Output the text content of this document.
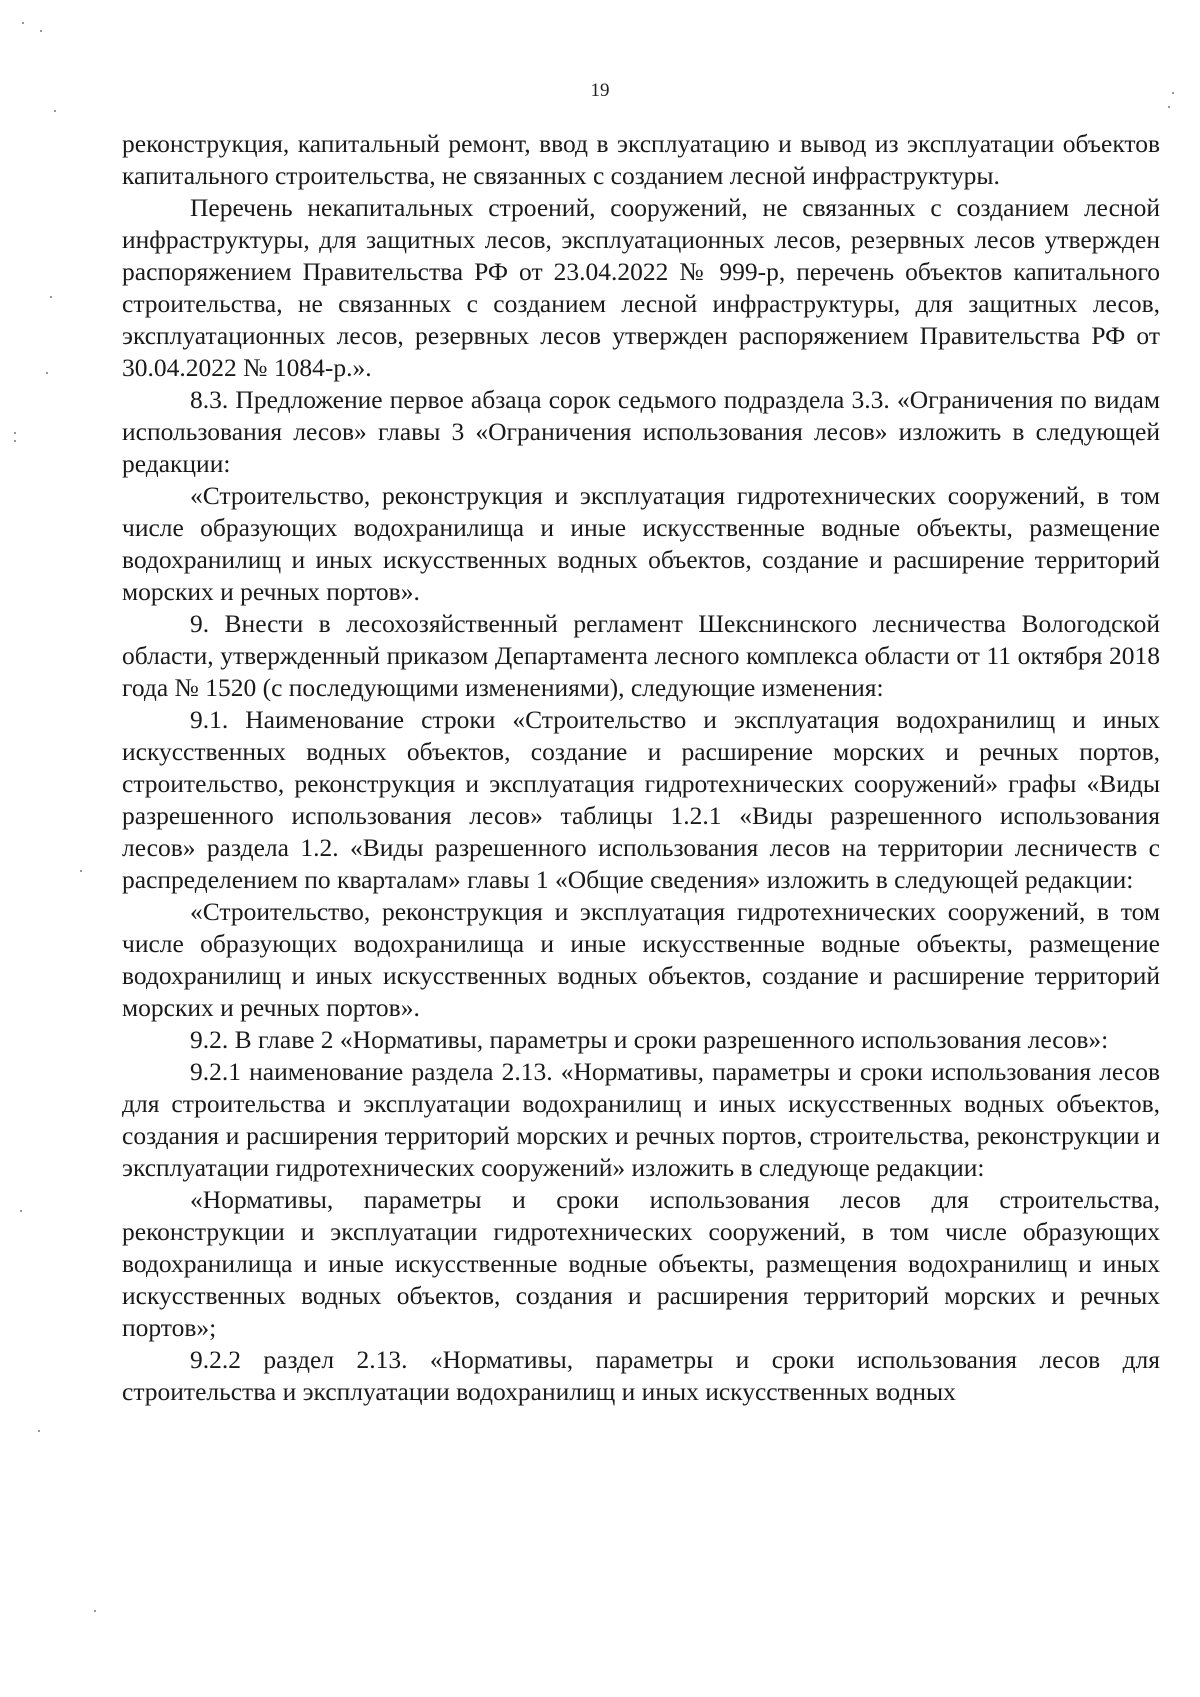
19

реконструкция, капитальный ремонт, ввод в эксплуатацию и вывод из эксплуатации объектов капитального строительства, не связанных с созданием лесной инфраструктуры.

Перечень некапитальных строений, сооружений, не связанных с созданием лесной инфраструктуры, для защитных лесов, эксплуатационных лесов, резервных лесов утвержден распоряжением Правительства РФ от 23.04.2022 № 999-р, перечень объектов капитального строительства, не связанных с созданием лесной инфраструктуры, для защитных лесов, эксплуатационных лесов, резервных лесов утвержден распоряжением Правительства РФ от 30.04.2022 № 1084-р.».

8.3. Предложение первое абзаца сорок седьмого подраздела 3.3. «Ограничения по видам использования лесов» главы 3 «Ограничения использования лесов» изложить в следующей редакции:

«Строительство, реконструкция и эксплуатация гидротехнических сооружений, в том числе образующих водохранилища и иные искусственные водные объекты, размещение водохранилищ и иных искусственных водных объектов, создание и расширение территорий морских и речных портов».

9. Внести в лесохозяйственный регламент Шекснинского лесничества Вологодской области, утвержденный приказом Департамента лесного комплекса области от 11 октября 2018 года № 1520 (с последующими изменениями), следующие изменения:

9.1. Наименование строки «Строительство и эксплуатация водохранилищ и иных искусственных водных объектов, создание и расширение морских и речных портов, строительство, реконструкция и эксплуатация гидротехнических сооружений» графы «Виды разрешенного использования лесов» таблицы 1.2.1 «Виды разрешенного использования лесов» раздела 1.2. «Виды разрешенного использования лесов на территории лесничеств с распределением по кварталам» главы 1 «Общие сведения» изложить в следующей редакции:

«Строительство, реконструкция и эксплуатация гидротехнических сооружений, в том числе образующих водохранилища и иные искусственные водные объекты, размещение водохранилищ и иных искусственных водных объектов, создание и расширение территорий морских и речных портов».

9.2. В главе 2 «Нормативы, параметры и сроки разрешенного использования лесов»:

9.2.1 наименование раздела 2.13. «Нормативы, параметры и сроки использования лесов для строительства и эксплуатации водохранилищ и иных искусственных водных объектов, создания и расширения территорий морских и речных портов, строительства, реконструкции и эксплуатации гидротехнических сооружений» изложить в следующе редакции:

«Нормативы, параметры и сроки использования лесов для строительства, реконструкции и эксплуатации гидротехнических сооружений, в том числе образующих водохранилища и иные искусственные водные объекты, размещения водохранилищ и иных искусственных водных объектов, создания и расширения территорий морских и речных портов»;

9.2.2 раздел 2.13. «Нормативы, параметры и сроки использования лесов для строительства и эксплуатации водохранилищ и иных искусственных водных
